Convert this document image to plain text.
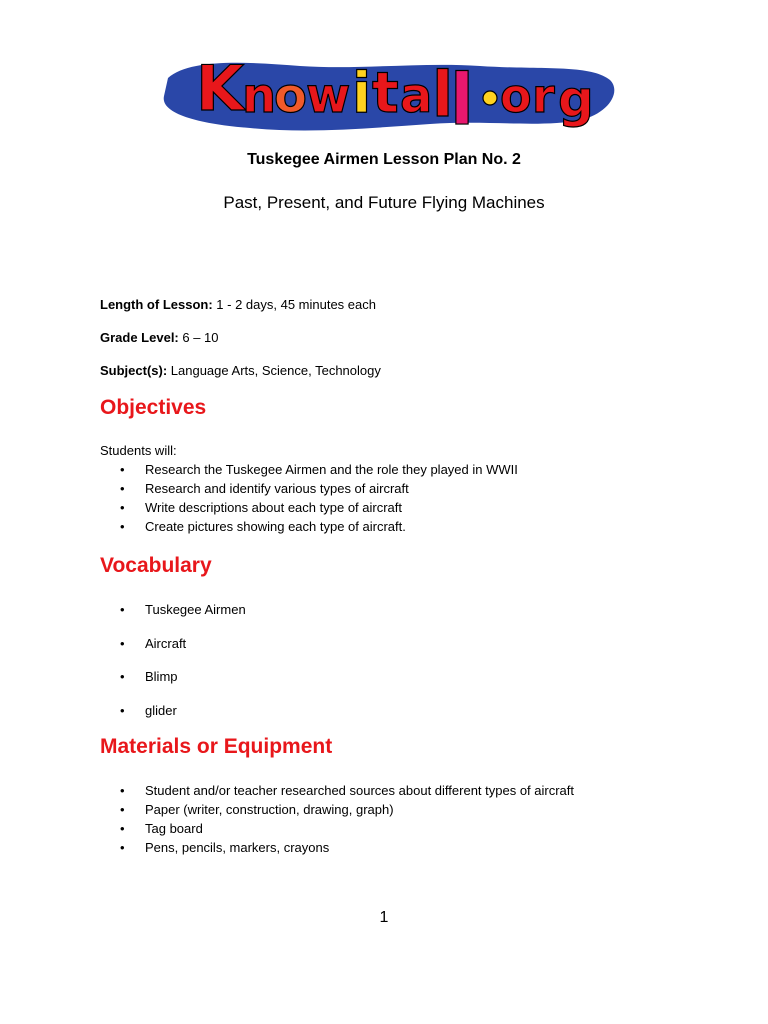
K
n
o w i t a l
l o r g
Tuskegee Airmen Lesson Plan No. 2
Past, Present, and Future Flying Machines
Length of Lesson: 1 - 2 days, 45 minutes each
Grade Level: 6 – 10
Subject(s): Language Arts, Science, Technology
Objectives
Students will:
• Research the Tuskegee Airmen and the role they played in WWII
• Research and identify various types of aircraft
• Write descriptions about each type of aircraft
• Create pictures showing each type of aircraft.
Vocabulary
• Tuskegee Airmen
• Aircraft
• Blimp
• glider
Materials or Equipment
• Student and/or teacher researched sources about different types of aircraft
• Paper (writer, construction, drawing, graph)
• Tag board
• Pens, pencils, markers, crayons
1
